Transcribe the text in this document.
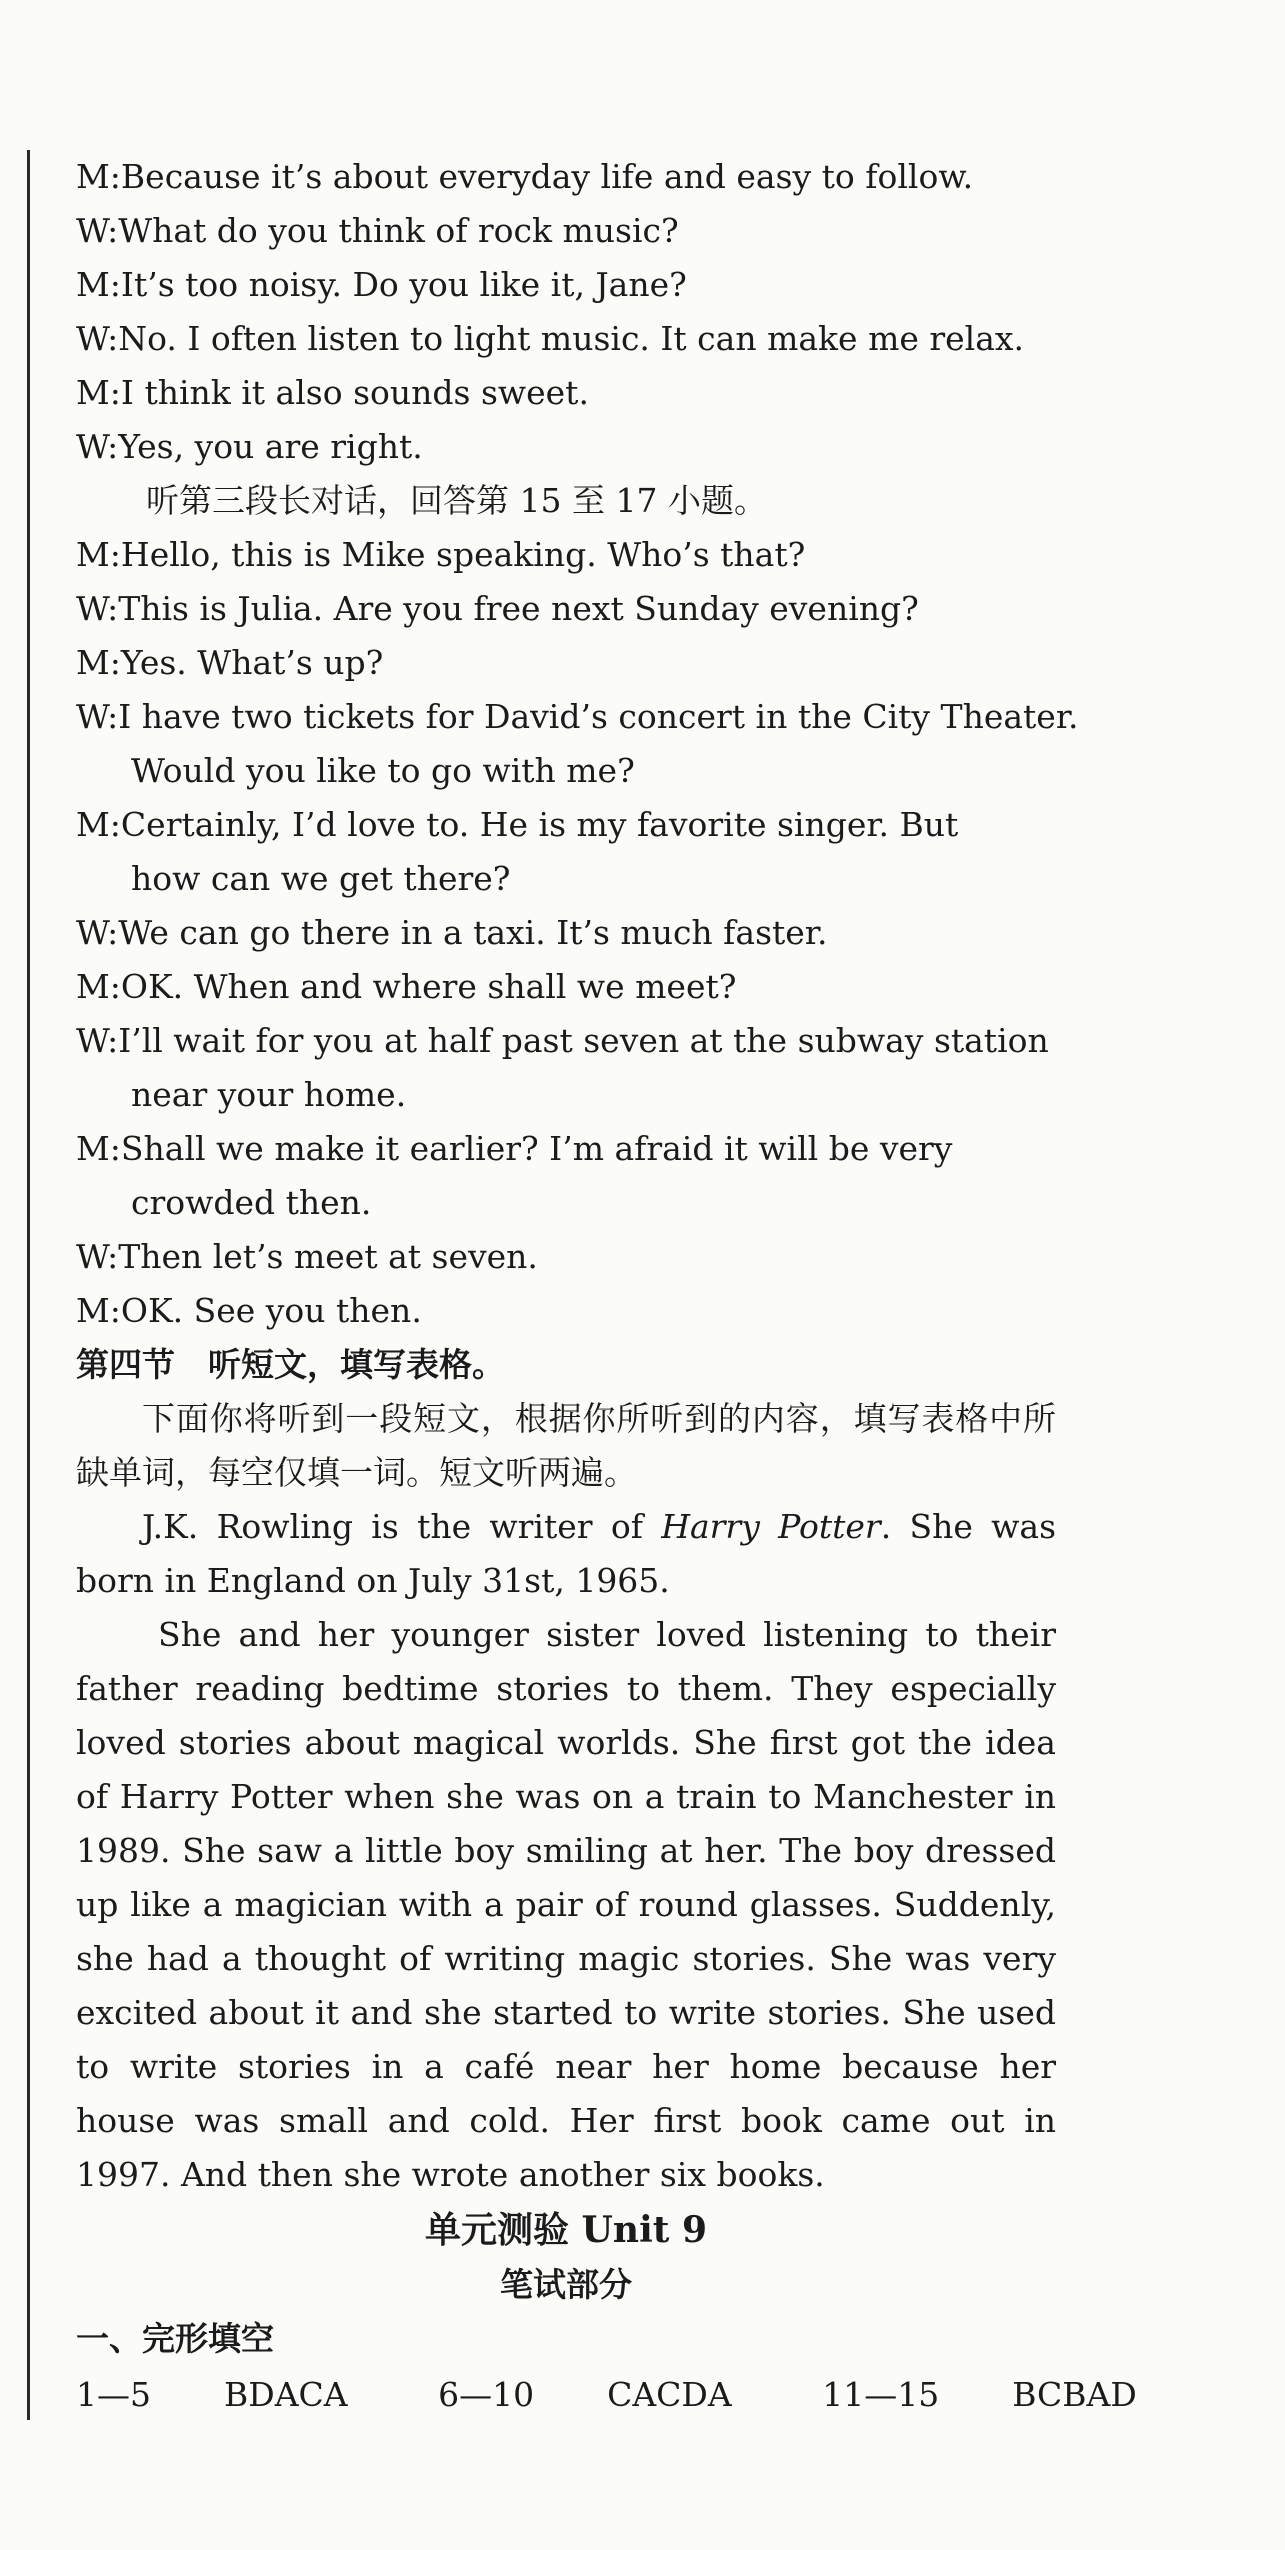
M:Because it’s about everyday life and easy to follow.
W:What do you think of rock music?
M:It’s too noisy. Do you like it, Jane?
W:No. I often listen to light music. It can make me relax.
M:I think it also sounds sweet.
W:Yes, you are right.
听第三段长对话，回答第 15 至 17 小题。
M:Hello, this is Mike speaking. Who’s that?
W:This is Julia. Are you free next Sunday evening?
M:Yes. What’s up?
W:I have two tickets for David’s concert in the City Theater.
Would you like to go with me?
M:Certainly, I’d love to. He is my favorite singer. But
how can we get there?
W:We can go there in a taxi. It’s much faster.
M:OK. When and where shall we meet?
W:I’ll wait for you at half past seven at the subway station
near your home.
M:Shall we make it earlier? I’m afraid it will be very
crowded then.
W:Then let’s meet at seven.
M:OK. See you then.
第四节　听短文，填写表格。
下面你将听到一段短文，根据你所听到的内容，填写表格中所缺单词，每空仅填一词。短文听两遍。
J.K. Rowling is the writer of Harry Potter. She was born in England on July 31st, 1965.
She and her younger sister loved listening to their father reading bedtime stories to them. They especially loved stories about magical worlds. She first got the idea of Harry Potter when she was on a train to Manchester in 1989. She saw a little boy smiling at her. The boy dressed up like a magician with a pair of round glasses. Suddenly, she had a thought of writing magic stories. She was very excited about it and she started to write stories. She used to write stories in a café near her home because her house was small and cold. Her first book came out in 1997. And then she wrote another six books.
单元测验 Unit 9
笔试部分
一、完形填空
1—5 BDACA	6—10 CACDA	11—15 BCBAD
